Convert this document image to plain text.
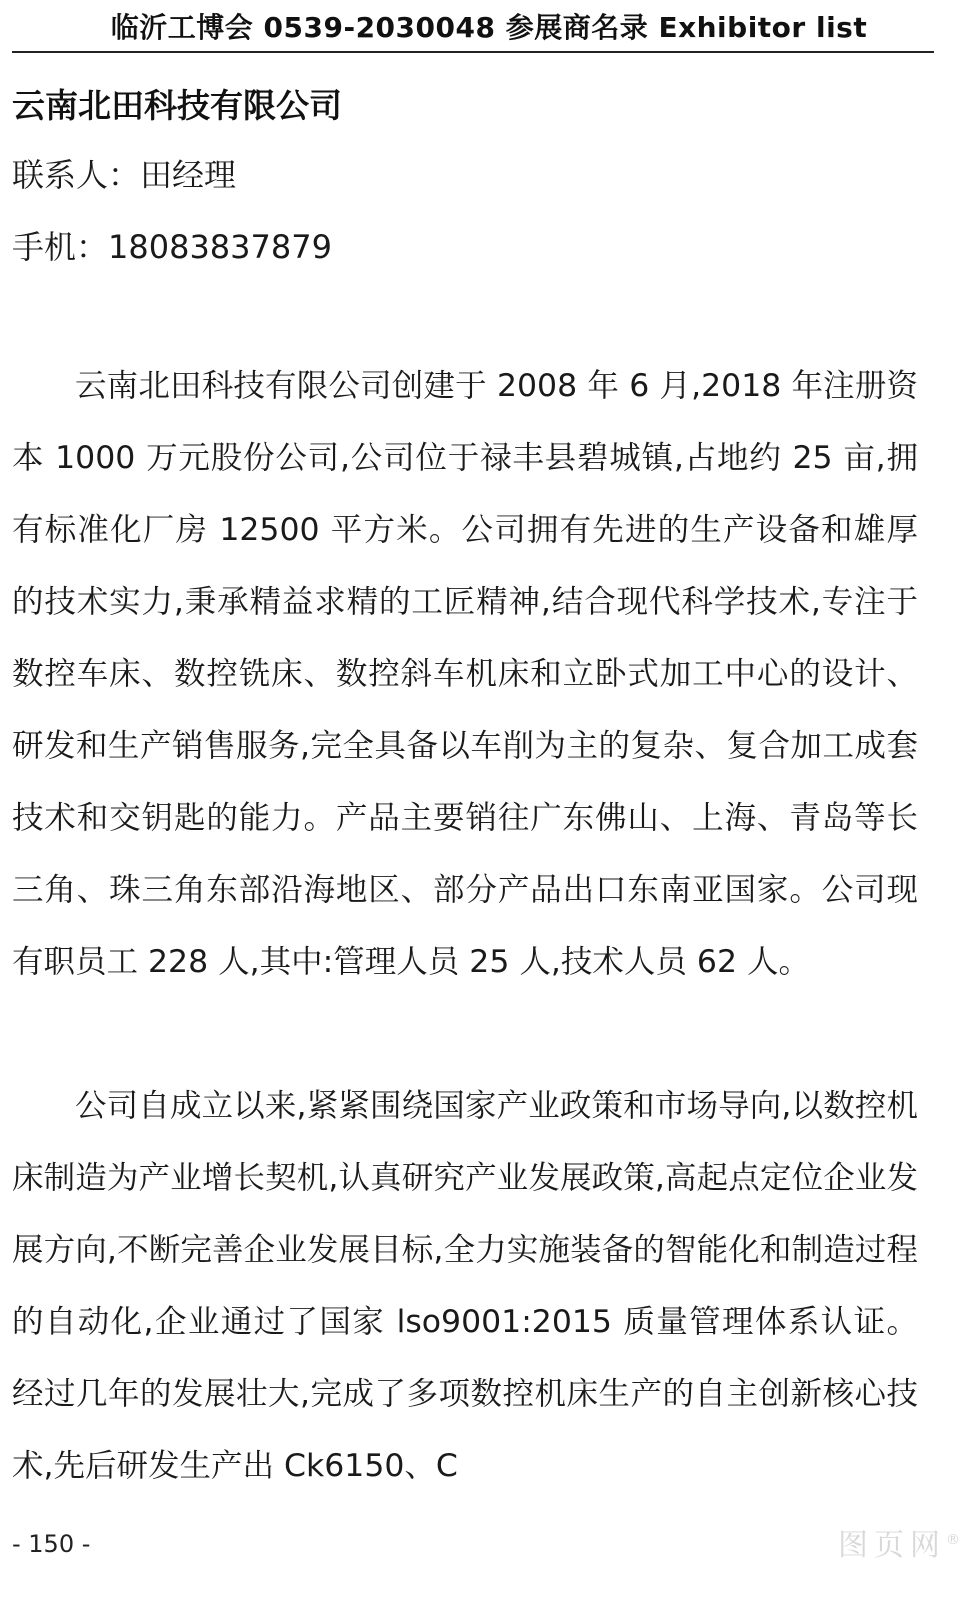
临沂工博会 0539-2030048 参展商名录 Exhibitor list
云南北田科技有限公司
联系人：田经理
手机：18083837879

云南北田科技有限公司创建于 2008 年 6 月,2018 年注册资本 1000 万元股份公司,公司位于禄丰县碧城镇,占地约 25 亩,拥有标准化厂房 12500 平方米。公司拥有先进的生产设备和雄厚的技术实力,秉承精益求精的工匠精神,结合现代科学技术,专注于数控车床、数控铣床、数控斜车机床和立卧式加工中心的设计、研发和生产销售服务,完全具备以车削为主的复杂、复合加工成套技术和交钥匙的能力。产品主要销往广东佛山、上海、青岛等长三角、珠三角东部沿海地区、部分产品出口东南亚国家。公司现有职员工 228 人,其中:管理人员 25 人,技术人员 62 人。

公司自成立以来,紧紧围绕国家产业政策和市场导向,以数控机床制造为产业增长契机,认真研究产业发展政策,高起点定位企业发展方向,不断完善企业发展目标,全力实施装备的智能化和制造过程的自动化,企业通过了国家 lso9001:2015 质量管理体系认证。经过几年的发展壮大,完成了多项数控机床生产的自主创新核心技术,先后研发生产出 Ck6150、C

- 150 -	图页网®
